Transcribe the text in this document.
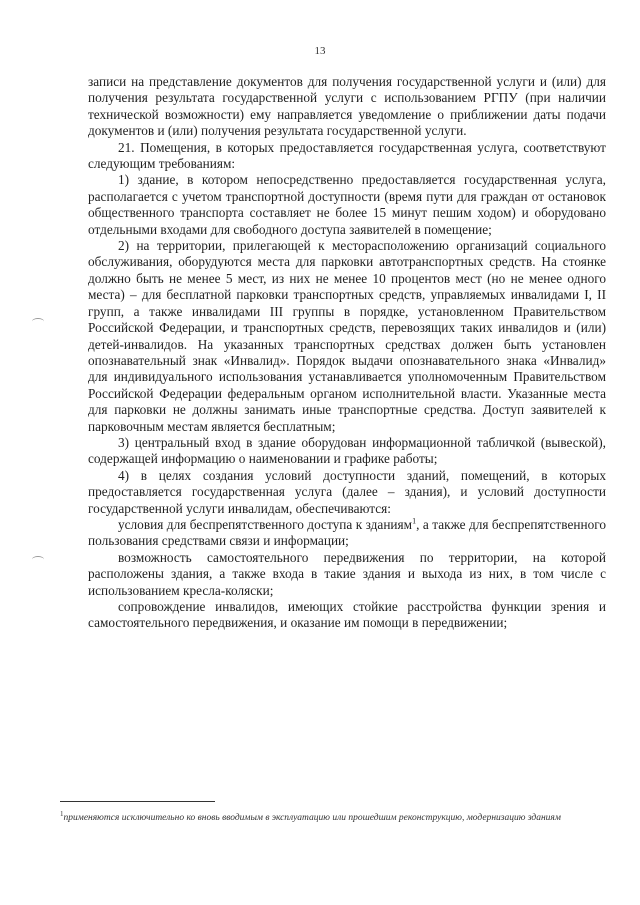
13

записи на представление документов для получения государственной услуги и (или) для получения результата государственной услуги с использованием РГПУ (при наличии технической возможности) ему направляется уведомление о приближении даты подачи документов и (или) получения результата государственной услуги.

21. Помещения, в которых предоставляется государственная услуга, соответствуют следующим требованиям:

1) здание, в котором непосредственно предоставляется государственная услуга, располагается с учетом транспортной доступности (время пути для граждан от остановок общественного транспорта составляет не более 15 минут пешим ходом) и оборудовано отдельными входами для свободного доступа заявителей в помещение;

2) на территории, прилегающей к месторасположению организаций социального обслуживания, оборудуются места для парковки автотранспортных средств. На стоянке должно быть не менее 5 мест, из них не менее 10 процентов мест (но не менее одного места) – для бесплатной парковки транспортных средств, управляемых инвалидами I, II групп, а также инвалидами III группы в порядке, установленном Правительством Российской Федерации, и транспортных средств, перевозящих таких инвалидов и (или) детей-инвалидов. На указанных транспортных средствах должен быть установлен опознавательный знак «Инвалид». Порядок выдачи опознавательного знака «Инвалид» для индивидуального использования устанавливается уполномоченным Правительством Российской Федерации федеральным органом исполнительной власти. Указанные места для парковки не должны занимать иные транспортные средства. Доступ заявителей к парковочным местам является бесплатным;

3) центральный вход в здание оборудован информационной табличкой (вывеской), содержащей информацию о наименовании и графике работы;

4) в целях создания условий доступности зданий, помещений, в которых предоставляется государственная услуга (далее – здания), и условий доступности государственной услуги инвалидам, обеспечиваются:

условия для беспрепятственного доступа к зданиям$^1$, а также для беспрепятственного пользования средствами связи и информации;

возможность самостоятельного передвижения по территории, на которой расположены здания, а также входа в такие здания и выхода из них, в том числе с использованием кресла-коляски;

сопровождение инвалидов, имеющих стойкие расстройства функции зрения и самостоятельного передвижения, и оказание им помощи в передвижении;

$^1$применяются исключительно ко вновь вводимым в эксплуатацию или прошедшим реконструкцию, модернизацию зданиям
